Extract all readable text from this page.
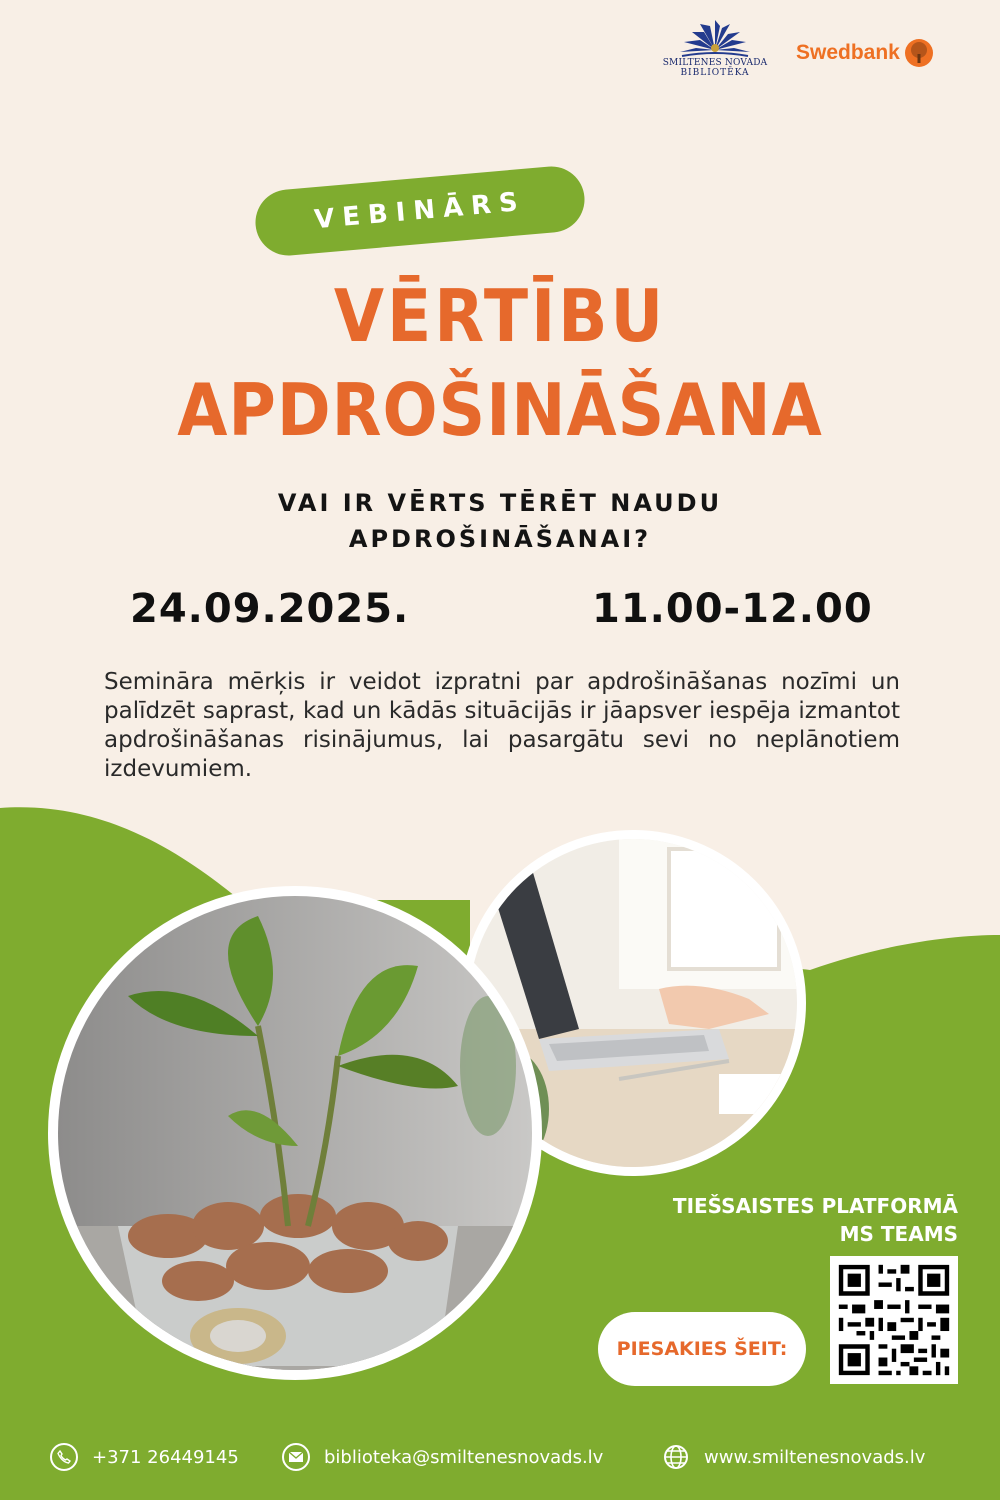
SMILTENES NOVADA
BIBLIOTĒKA
Swedbank
VEBINĀRS
VĒRTĪBU
APDROŠINĀŠANA
VAI IR VĒRTS TĒRĒT NAUDU
APDROŠINĀŠANAI?
24.09.2025.	11.00-12.00
Semināra mērķis ir veidot izpratni par apdrošināšanas nozīmi un palīdzēt saprast, kad un kādās situācijās ir jāapsver iespēja izmantot apdrošināšanas risinājumus, lai pasargātu sevi no neplānotiem izdevumiem.
TIEŠSAISTES PLATFORMĀ
MS TEAMS
PIESAKIES ŠEIT:
+371 26449145	biblioteka@smiltenesnovads.lv	www.smiltenesnovads.lv
